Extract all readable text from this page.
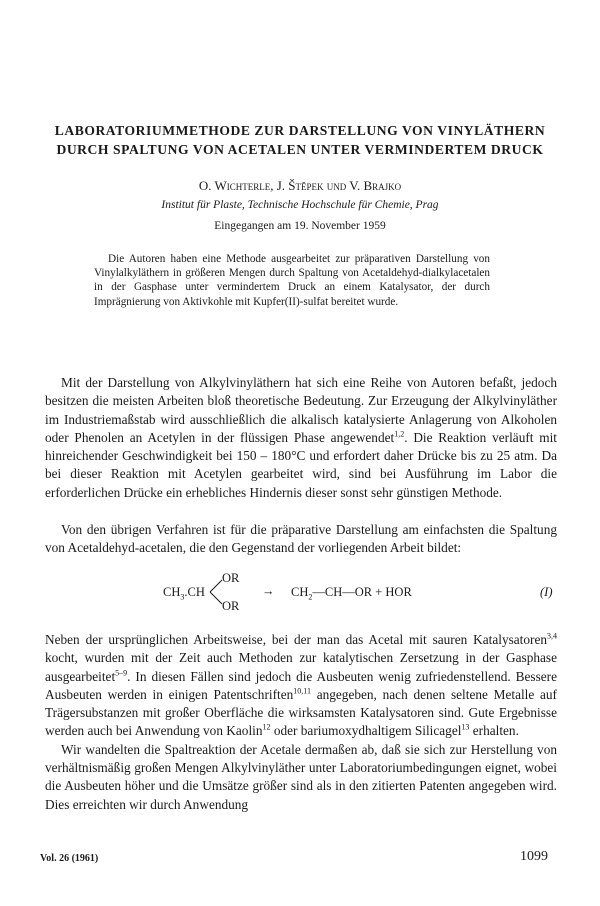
LABORATORIUMMETHODE ZUR DARSTELLUNG VON VINYLÄTHERN
DURCH SPALTUNG VON ACETALEN UNTER VERMINDERTEM DRUCK
O. Wichterle, J. Štěpek und V. Brajko
Institut für Plaste, Technische Hochschule für Chemie, Prag
Eingegangen am 19. November 1959

Die Autoren haben eine Methode ausgearbeitet zur präparativen Darstellung von Vinylalkyläthern in größeren Mengen durch Spaltung von Acetaldehyd-dialkylacetalen in der Gasphase unter vermindertem Druck an einem Katalysator, der durch Imprägnierung von Aktivkohle mit Kupfer(II)-sulfat bereitet wurde.

Mit der Darstellung von Alkylvinyläthern hat sich eine Reihe von Autoren befaßt, jedoch besitzen die meisten Arbeiten bloß theoretische Bedeutung. Zur Erzeugung der Alkylvinyläther im Industriemaßstab wird ausschließlich die alkalisch katalysierte Anlagerung von Alkoholen oder Phenolen an Acetylen in der flüssigen Phase angewendet$^{1,2}$. Die Reaktion verläuft mit hinreichender Geschwindigkeit bei 150 – 180°C und erfordert daher Drücke bis zu 25 atm. Da bei dieser Reaktion mit Acetylen gearbeitet wird, sind bei Ausführung im Labor die erforderlichen Drücke ein erhebliches Hindernis dieser sonst sehr günstigen Methode.

Von den übrigen Verfahren ist für die präparative Darstellung am einfachsten die Spaltung von Acetaldehyd-acetalen, die den Gegenstand der vorliegenden Arbeit bildet:

$CH_3.CH$
OR
OR
→ $CH_2—CH—OR$ + HOR	(I)

Neben der ursprünglichen Arbeitsweise, bei der man das Acetal mit sauren Katalysatoren$^{3,4}$ kocht, wurden mit der Zeit auch Methoden zur katalytischen Zersetzung in der Gasphase ausgearbeitet$^{5-9}$. In diesen Fällen sind jedoch die Ausbeuten wenig zufriedenstellend. Bessere Ausbeuten werden in einigen Patentschriften$^{10,11}$ angegeben, nach denen seltene Metalle auf Trägersubstanzen mit großer Oberfläche die wirksamsten Katalysatoren sind. Gute Ergebnisse werden auch bei Anwendung von Kaolin$^{12}$ oder bariumoxydhaltigem Silicagel$^{13}$ erhalten.

Wir wandelten die Spaltreaktion der Acetale dermaßen ab, daß sie sich zur Herstellung von verhältnismäßig großen Mengen Alkylvinyläther unter Laboratoriumbedingungen eignet, wobei die Ausbeuten höher und die Umsätze größer sind als in den zitierten Patenten angegeben wird. Dies erreichten wir durch Anwendung

Vol. 26 (1961)	1099
